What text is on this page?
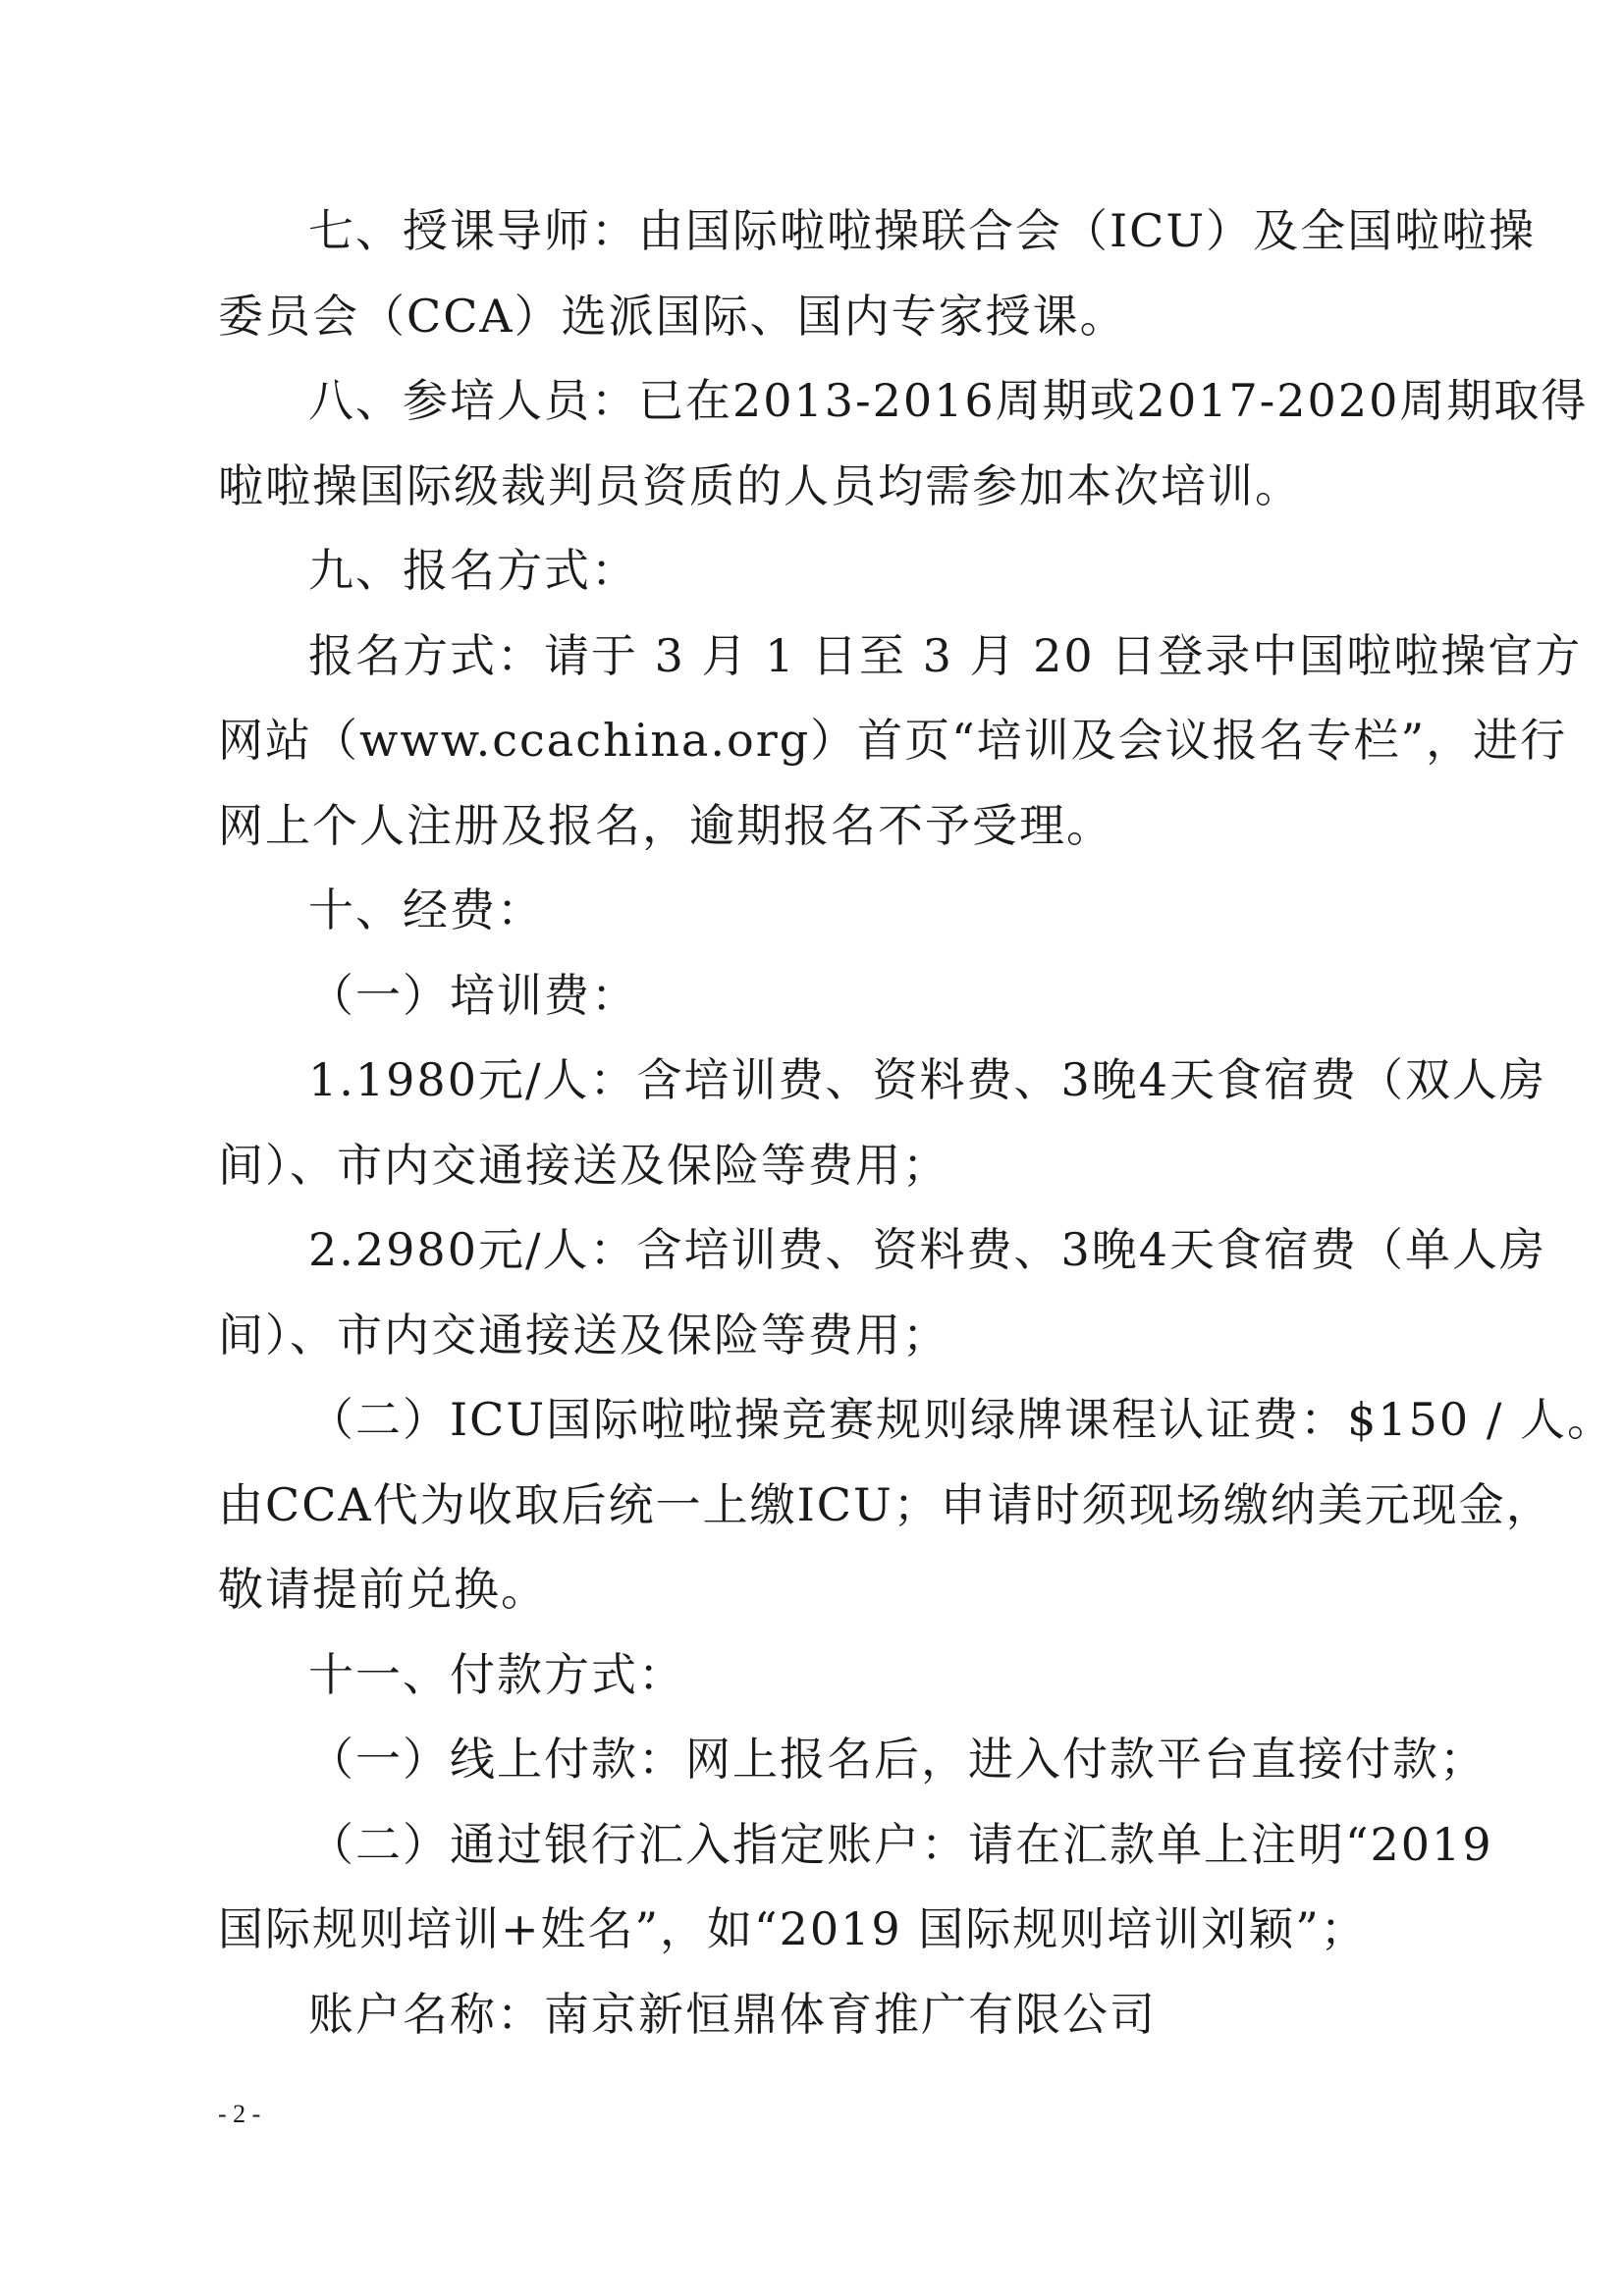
七、授课导师：由国际啦啦操联合会（ICU）及全国啦啦操
委员会（CCA）选派国际、国内专家授课。
八、参培人员：已在2013-2016周期或2017-2020周期取得
啦啦操国际级裁判员资质的人员均需参加本次培训。
九、报名方式：
报名方式：请于 3 月 1 日至 3 月 20 日登录中国啦啦操官方
网站（www.ccachina.org）首页“培训及会议报名专栏”，进行
网上个人注册及报名，逾期报名不予受理。
十、经费：
（一）培训费：
1.1980元/人：含培训费、资料费、3晚4天食宿费（双人房
间）、市内交通接送及保险等费用；
2.2980元/人：含培训费、资料费、3晚4天食宿费（单人房
间）、市内交通接送及保险等费用；
（二）ICU国际啦啦操竞赛规则绿牌课程认证费：$150 / 人。
由CCA代为收取后统一上缴ICU；申请时须现场缴纳美元现金，
敬请提前兑换。
十一、付款方式：
（一）线上付款：网上报名后，进入付款平台直接付款；
（二）通过银行汇入指定账户：请在汇款单上注明“2019
国际规则培训+姓名”，如“2019 国际规则培训刘颖”；
账户名称：南京新恒鼎体育推广有限公司
- 2 -
